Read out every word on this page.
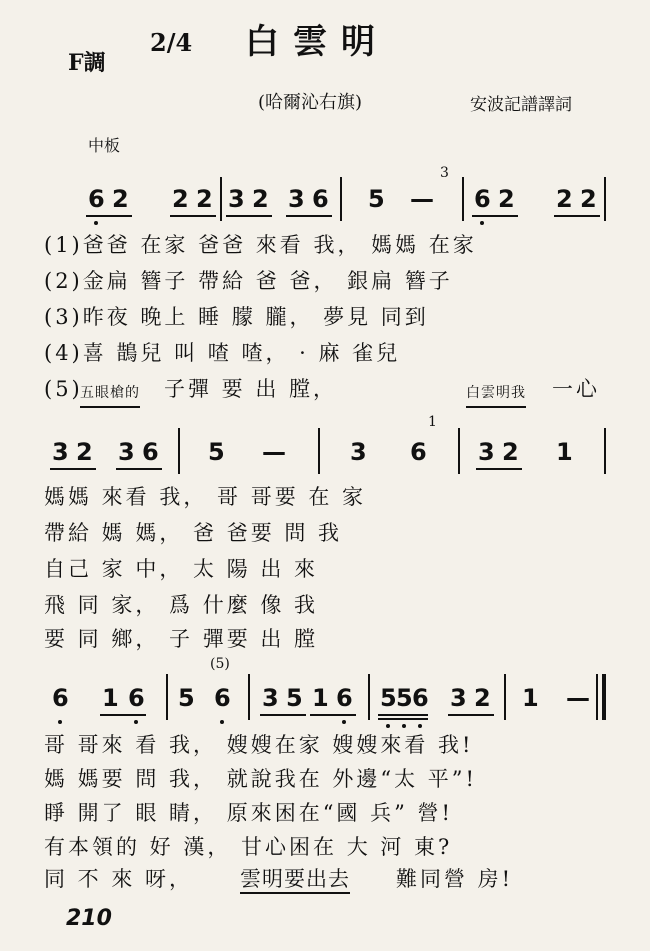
白雲明
F調
2/4
(哈爾沁右旗)	安波記譜譯詞
中板
6 2 2 2 3 2 3 6 5 —
3
6 2 2 2
(1)爸爸 在家 爸爸 來看 我， 媽媽 在家
(2)金扁 簪子 帶給 爸 爸， 銀扁 簪子
(3)昨夜 晚上 睡 朦 朧， 夢見 同到
(4)喜 鵲兒 叫 喳 喳， · 麻 雀兒
(5)
五眼槍的 子彈 要 出 膛，	白雲明我 一心
3 2 3 6 5 —	3 6
1
3 2 1
媽媽 來看 我， 哥 哥要 在 家
帶給 媽 媽， 爸 爸要 問 我
自己 家 中， 太 陽 出 來
飛 同 家， 爲 什麼 像 我
要 同 鄉， 子 彈要 出 膛
(5)
6 1 6 5 6 3 5 1 6 5 5 6 3 2 1 —
哥 哥來 看 我， 嫂嫂在家 嫂嫂來看 我!
媽 媽要 問 我， 就說我在 外邊“太 平”!
睜 開了 眼 睛， 原來困在“國 兵” 營!
有本領的 好 漢， 甘心困在 大 河 東?
同 不 來 呀， 雲明要出去 難同營 房!
210
